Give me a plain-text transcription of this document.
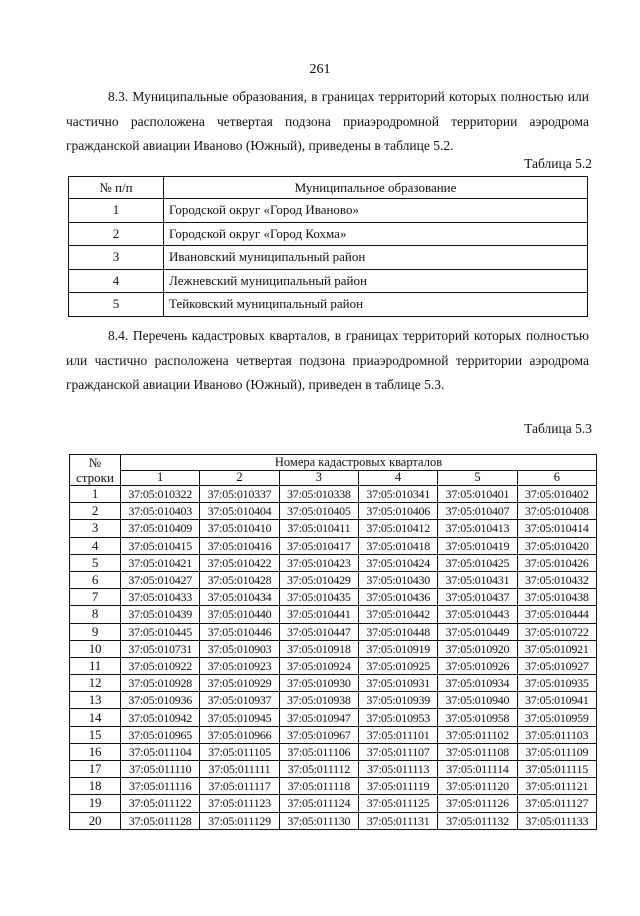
261

8.3. Муниципальные образования, в границах территорий которых полностью или частично расположена четвертая подзона приаэродромной территории аэродрома гражданской авиации Иваново (Южный), приведены в таблице 5.2.

Таблица 5.2
№ п/п	Муниципальное образование
1	Городской округ «Город Иваново»
2	Городской округ «Город Кохма»
3	Ивановский муниципальный район
4	Лежневский муниципальный район
5	Тейковский муниципальный район

8.4. Перечень кадастровых кварталов, в границах территорий которых полностью или частично расположена четвертая подзона приаэродромной территории аэродрома гражданской авиации Иваново (Южный), приведен в таблице 5.3.

Таблица 5.3
№
строки	Номера кадастровых кварталов					
	1	2	3	4	5	6
1	37:05:010322	37:05:010337	37:05:010338	37:05:010341	37:05:010401	37:05:010402
2	37:05:010403	37:05:010404	37:05:010405	37:05:010406	37:05:010407	37:05:010408
3	37:05:010409	37:05:010410	37:05:010411	37:05:010412	37:05:010413	37:05:010414
4	37:05:010415	37:05:010416	37:05:010417	37:05:010418	37:05:010419	37:05:010420
5	37:05:010421	37:05:010422	37:05:010423	37:05:010424	37:05:010425	37:05:010426
6	37:05:010427	37:05:010428	37:05:010429	37:05:010430	37:05:010431	37:05:010432
7	37:05:010433	37:05:010434	37:05:010435	37:05:010436	37:05:010437	37:05:010438
8	37:05:010439	37:05:010440	37:05:010441	37:05:010442	37:05:010443	37:05:010444
9	37:05:010445	37:05:010446	37:05:010447	37:05:010448	37:05:010449	37:05:010722
10	37:05:010731	37:05:010903	37:05:010918	37:05:010919	37:05:010920	37:05:010921
11	37:05:010922	37:05:010923	37:05:010924	37:05:010925	37:05:010926	37:05:010927
12	37:05:010928	37:05:010929	37:05:010930	37:05:010931	37:05:010934	37:05:010935
13	37:05:010936	37:05:010937	37:05:010938	37:05:010939	37:05:010940	37:05:010941
14	37:05:010942	37:05:010945	37:05:010947	37:05:010953	37:05:010958	37:05:010959
15	37:05:010965	37:05:010966	37:05:010967	37:05:011101	37:05:011102	37:05:011103
16	37:05:011104	37:05:011105	37:05:011106	37:05:011107	37:05:011108	37:05:011109
17	37:05:011110	37:05:011111	37:05:011112	37:05:011113	37:05:011114	37:05:011115
18	37:05:011116	37:05:011117	37:05:011118	37:05:011119	37:05:011120	37:05:011121
19	37:05:011122	37:05:011123	37:05:011124	37:05:011125	37:05:011126	37:05:011127
20	37:05:011128	37:05:011129	37:05:011130	37:05:011131	37:05:011132	37:05:011133
